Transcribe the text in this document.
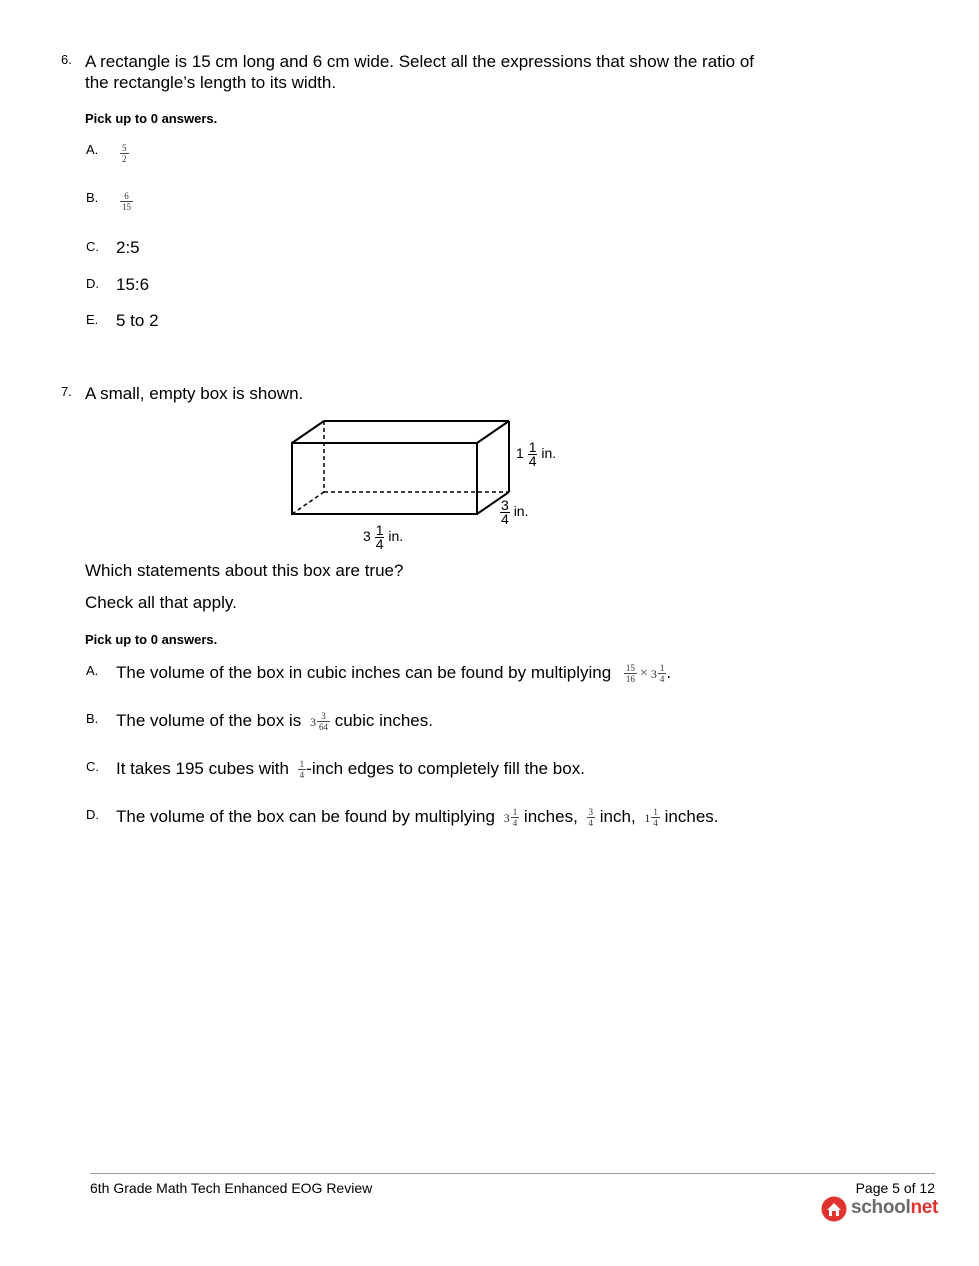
6. A rectangle is 15 cm long and 6 cm wide. Select all the expressions that show the ratio of
the rectangle’s length to its width.
Pick up to 0 answers.
A. $\frac{5}{2}$
B. $\frac{6}{15}$
C. 2:5
D. 15:6
E. 5 to 2
7. A small, empty box is shown.
$1 \frac{1}{4}$ in.
$\frac{3}{4}$ in.
$3 \frac{1}{4}$ in.
Which statements about this box are true?
Check all that apply.
Pick up to 0 answers.
A. The volume of the box in cubic inches can be found by multiplying $\frac{15}{16} \times 3 \frac{1}{4}$ .
B. The volume of the box is $3 \frac{3}{64}$ cubic inches.
C. It takes 195 cubes with $\frac{1}{4}$ -inch edges to completely fill the box.
D. The volume of the box can be found by multiplying $3 \frac{1}{4}$ inches, $\frac{3}{4}$ inch, $1 \frac{1}{4}$ inches.
6th Grade Math Tech Enhanced EOG Review	Page 5 of 12
schoolnet
